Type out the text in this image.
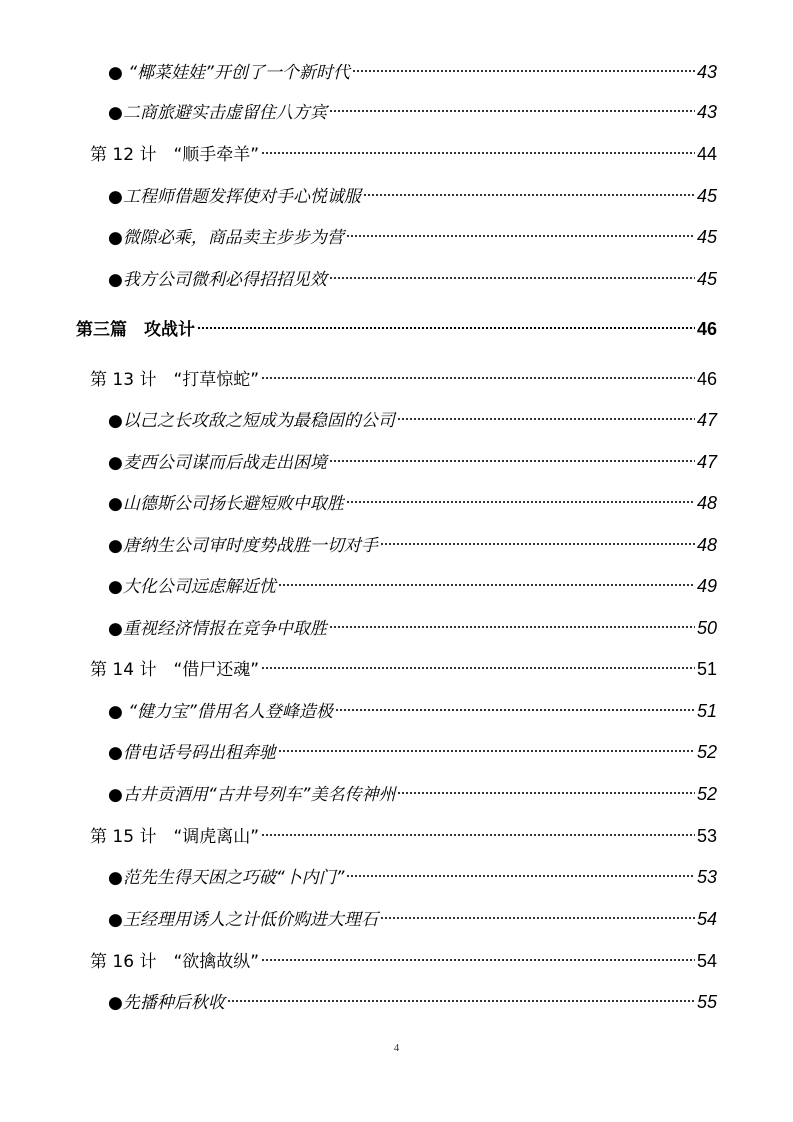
● “椰菜娃娃”开创了一个新时代	43
●二商旅避实击虚留住八方宾	43
第 12 计　“顺手牵羊”	44
●工程师借题发挥使对手心悦诚服	45
●微隙必乘，商品卖主步步为营	45
●我方公司微利必得招招见效	45
第三篇　攻战计	46
第 13 计　“打草惊蛇”	46
●以己之长攻敌之短成为最稳固的公司	47
●麦西公司谋而后战走出困境	47
●山德斯公司扬长避短败中取胜	48
●唐纳生公司审时度势战胜一切对手	48
●大化公司远虑解近忧	49
●重视经济情报在竞争中取胜	50
第 14 计　“借尸还魂”	51
● “健力宝”借用名人登峰造极	51
●借电话号码出租奔驰	52
●古井贡酒用“古井号列车”美名传神州	52
第 15 计　“调虎离山”	53
●范先生得天困之巧破“卜内门”	53
●王经理用诱人之计低价购进大理石	54
第 16 计　“欲擒故纵”	54
●先播种后秋收	55
4
